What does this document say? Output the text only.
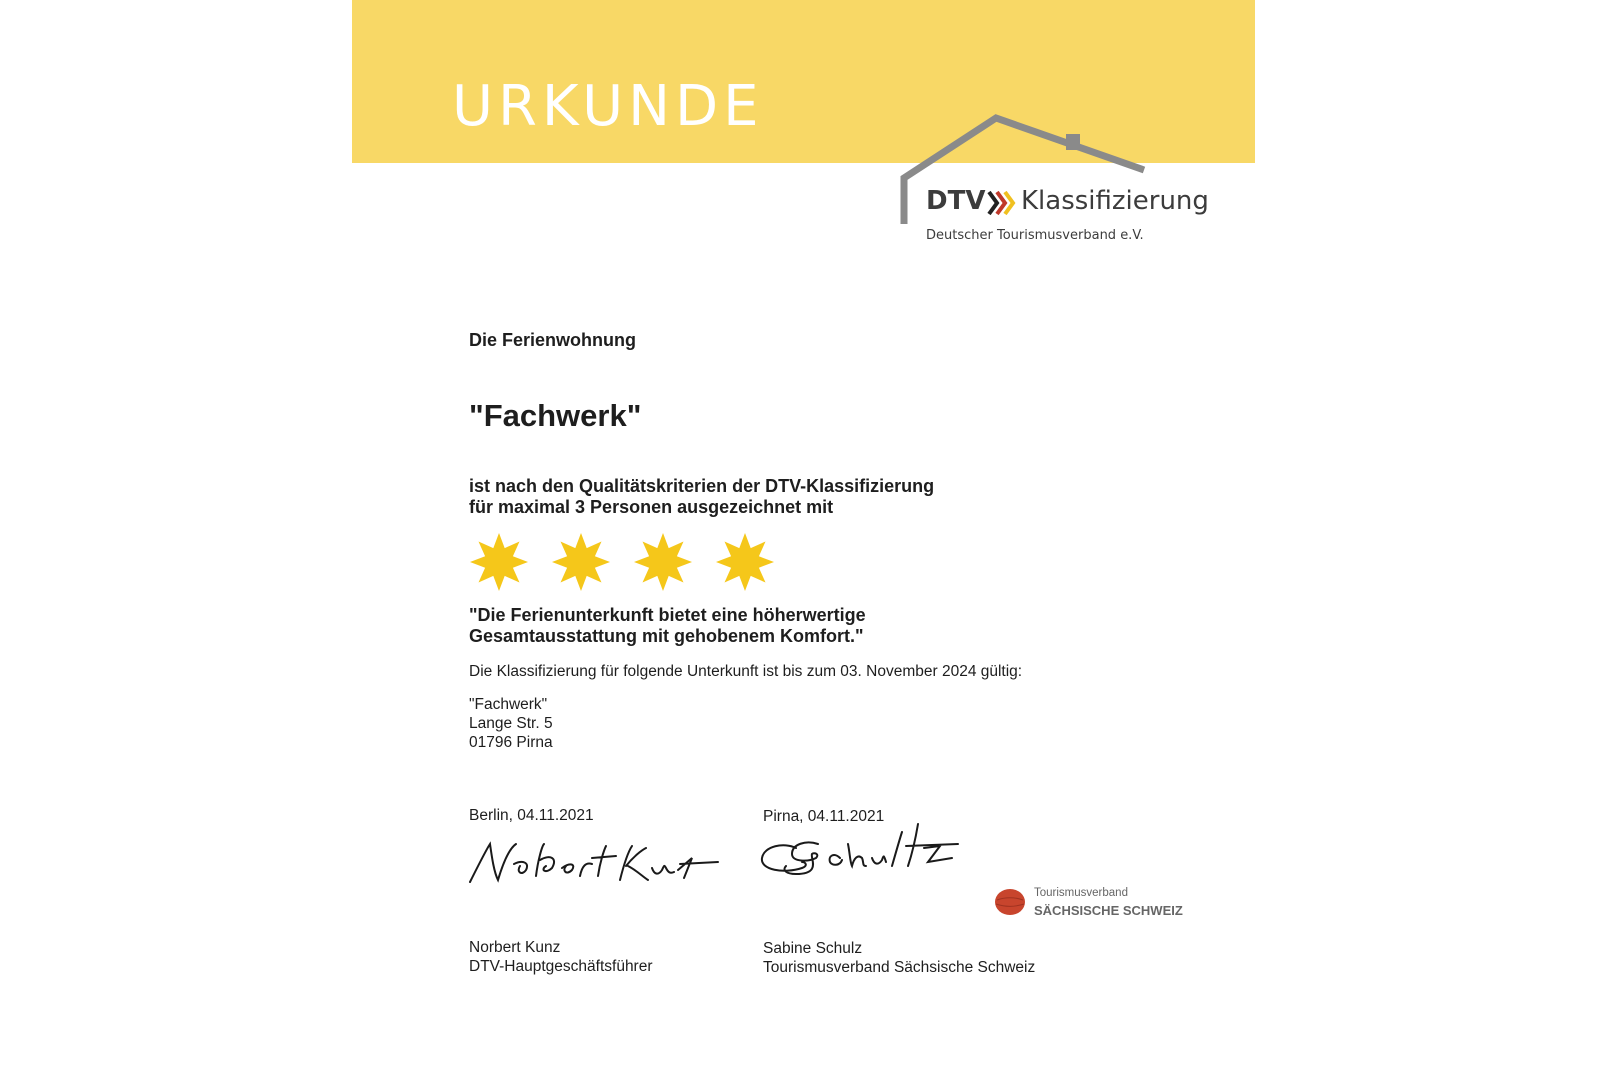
URKUNDE
DTV Klassifizierung
Deutscher Tourismusverband e.V.
Die Ferienwohnung
"Fachwerk"
ist nach den Qualitätskriterien der DTV-Klassifizierung
für maximal 3 Personen ausgezeichnet mit
"Die Ferienunterkunft bietet eine höherwertige
Gesamtausstattung mit gehobenem Komfort."
Die Klassifizierung für folgende Unterkunft ist bis zum 03. November 2024 gültig:
"Fachwerk"
Lange Str. 5
01796 Pirna
Berlin, 04.11.2021
Norbert Kunz
DTV-Hauptgeschäftsführer
Pirna, 04.11.2021
Sabine Schulz
Tourismusverband Sächsische Schweiz
Tourismusverband
SÄCHSISCHE SCHWEIZ
